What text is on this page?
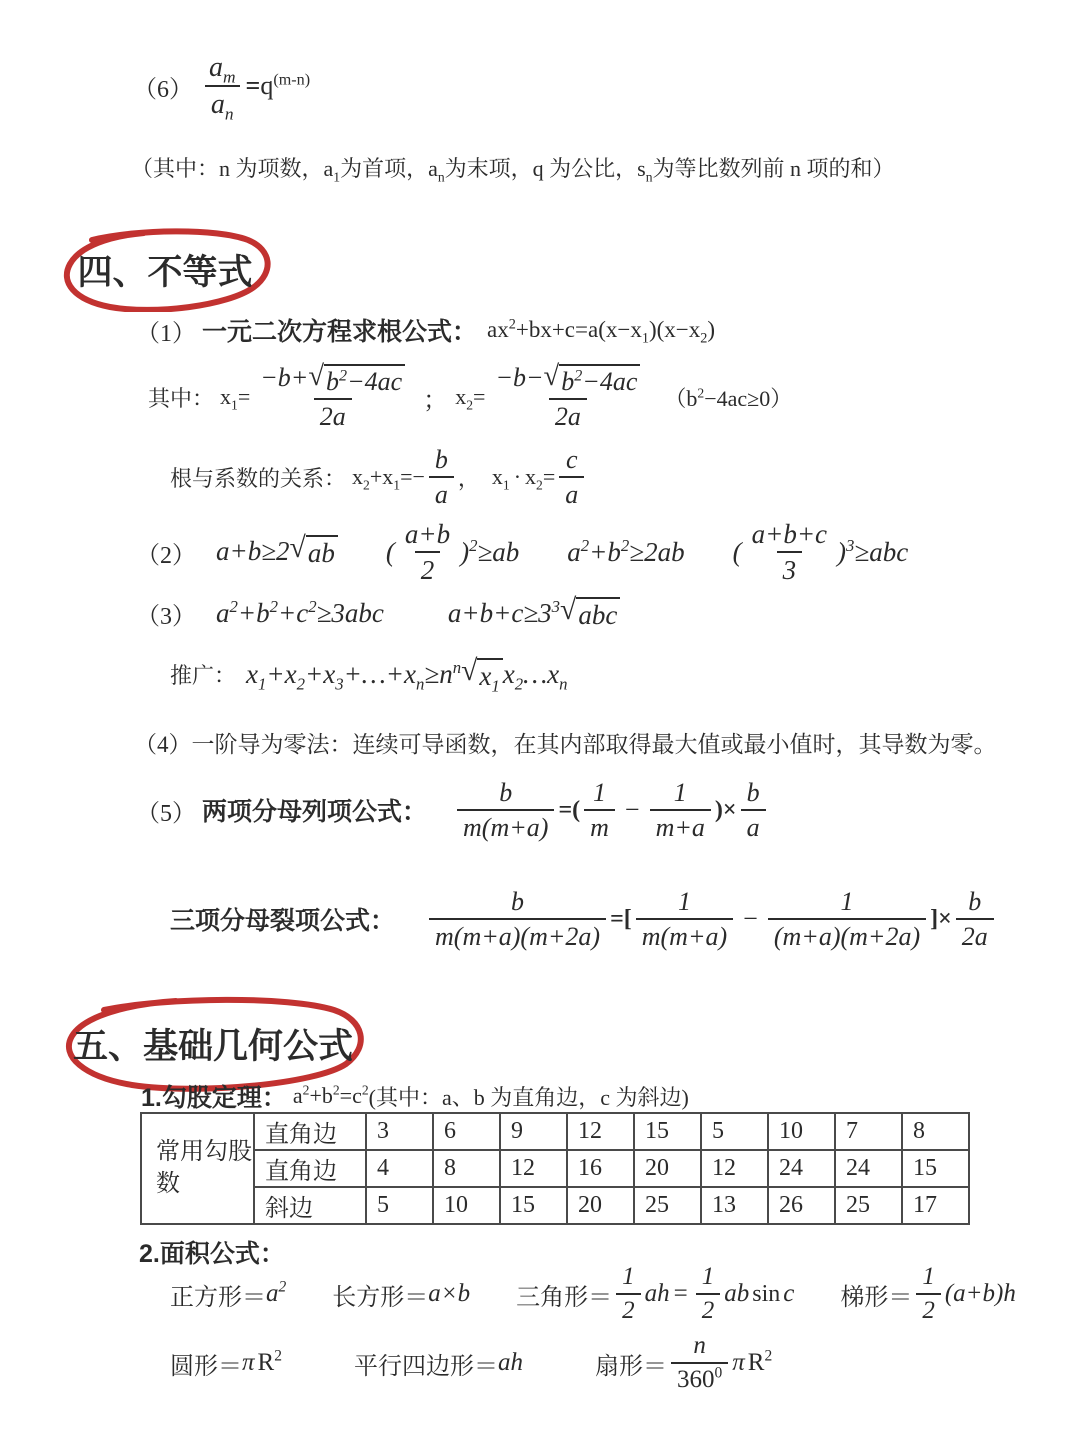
$(6) \frac{a_m}{a_n} =q^{(m-n)}$
（其中：n 为项数，$a_1$为首项，$a_n$为末项，q 为公比，$s_n$为等比数列前 n 项的和）
四、不等式
（1） 一元二次方程求根公式： $ax^2+bx+c=a(x-x_1)(x-x_2)$
其中： $x_1= \frac{-b+ √ b^2-4ac}{2a}$ ； $x_2= \frac{-b- √ b^2-4ac}{2a} (b^2-4ac\ge 0)$
根与系数的关系： $x_2+x_1=- \frac{b}{a}$ ， $x_1 \cdot x_2= \frac{c}{a}$
（2） a+b≥2 √ ab ( $\frac{a+b}{2} )^2\ge ab$ $a^2+b^2\ge 2ab$ ( $\frac{a+b+c}{3} )^3\ge abc$
（3） $a^2+b^2+c^2\ge 3abc$ $a+b+c\ge 3^3$ √ abc
推广： $x_1+x_2+x_3+\dots+x_n\ge n^n$ √ $x_1$ $x_2\dots x_n$
（4） 一阶导为零法：连续可导函数，在其内部取得最大值或最小值时，其导数为零。
（5） 两项分母列项公式： $\frac{b}{m(m+a)}$ =( $\frac{1}{m} - \frac{1}{m+a}$ )× $\frac{b}{a}$
三项分母裂项公式： $\frac{b}{m(m+a)(m+2a)}$ =[ $\frac{1}{m(m+a)} - \frac{1}{(m+a)(m+2a)}$ ]× $\frac{b}{2a}$
五、基础几何公式
1.勾股定理： $a^2+b^2=c^2$ (其中：a、b 为直角边，c 为斜边)
常用勾股数	直角边	3	6	9	12	15	5	10	7	8
	直角边	4	8	12	16	20	12	24	24	15
	斜边	5	10	15	20	25	13	26	25	17
2.面积公式：
正方形＝ $a^2$ 长方形＝ a×b 三角形＝ $\frac{1}{2}$ ah = $\frac{1}{2}$ ab sin c 梯形＝ $\frac{1}{2} (a+b)h$
圆形＝ π $R^2$	平行四边形＝ ah	扇形＝ $\frac{n}{360^0}$ π $R^2$
